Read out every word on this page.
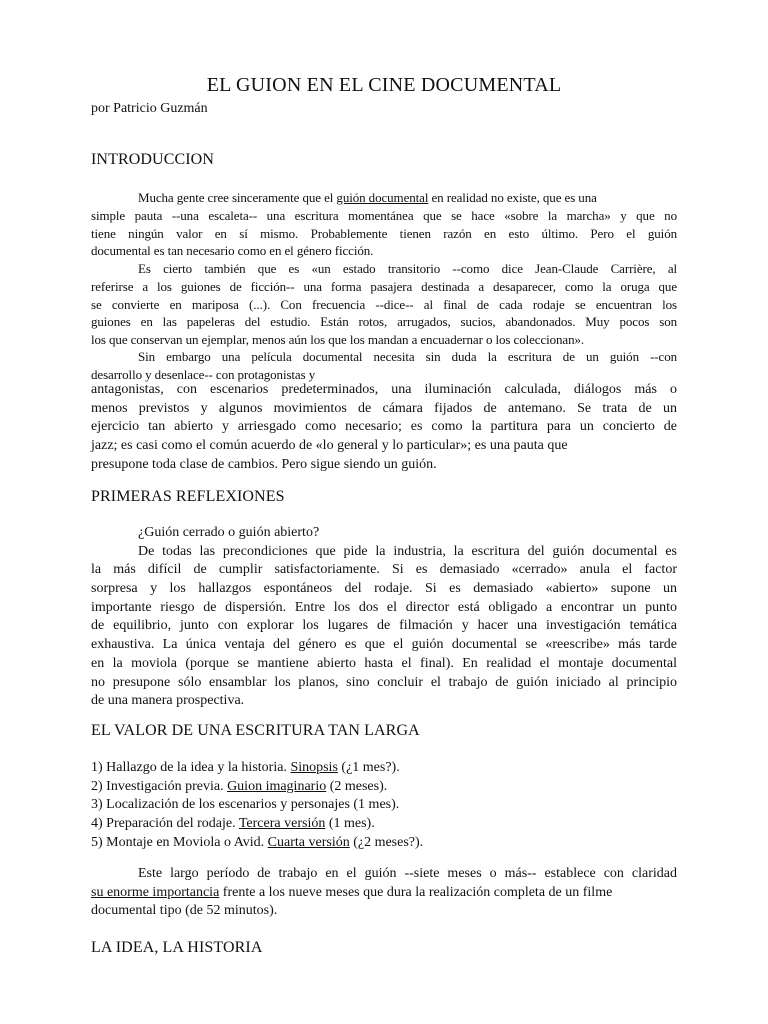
EL GUION EN EL CINE DOCUMENTAL
por Patricio Guzmán
INTRODUCCION
Mucha gente cree sinceramente que el guión documental en realidad no existe, que es una
simple pauta --una escaleta-- una escritura momentánea que se hace «sobre la marcha» y que no
tiene ningún valor en sí mismo. Probablemente tienen razón en esto último. Pero el guión
documental es tan necesario como en el género ficción.
Es cierto también que es «un estado transitorio --como dice Jean-Claude Carrière, al
referirse a los guiones de ficción-- una forma pasajera destinada a desaparecer, como la oruga que
se convierte en mariposa (...). Con frecuencia --dice-- al final de cada rodaje se encuentran los
guiones en las papeleras del estudio. Están rotos, arrugados, sucios, abandonados. Muy pocos son
los que conservan un ejemplar, menos aún los que los mandan a encuadernar o los coleccionan».
Sin embargo una película documental necesita sin duda la escritura de un guión --con
desarrollo y desenlace-- con protagonistas y
antagonistas, con escenarios predeterminados, una iluminación calculada, diálogos más o
menos previstos y algunos movimientos de cámara fijados de antemano. Se trata de un
ejercicio tan abierto y arriesgado como necesario; es como la partitura para un concierto de
jazz; es casi como el común acuerdo de «lo general y lo particular»; es una pauta que
presupone toda clase de cambios. Pero sigue siendo un guión.
PRIMERAS REFLEXIONES
¿Guión cerrado o guión abierto?
De todas las precondiciones que pide la industria, la escritura del guión documental es
la más difícil de cumplir satisfactoriamente. Si es demasiado «cerrado» anula el factor
sorpresa y los hallazgos espontáneos del rodaje. Si es demasiado «abierto» supone un
importante riesgo de dispersión. Entre los dos el director está obligado a encontrar un punto
de equilibrio, junto con explorar los lugares de filmación y hacer una investigación temática
exhaustiva. La única ventaja del género es que el guión documental se «reescribe» más tarde
en la moviola (porque se mantiene abierto hasta el final). En realidad el montaje documental
no presupone sólo ensamblar los planos, sino concluir el trabajo de guión iniciado al principio
de una manera prospectiva.
EL VALOR DE UNA ESCRITURA TAN LARGA
1) Hallazgo de la idea y la historia. Sinopsis (¿1 mes?).
2) Investigación previa. Guion imaginario (2 meses).
3) Localización de los escenarios y personajes (1 mes).
4) Preparación del rodaje. Tercera versión (1 mes).
5) Montaje en Moviola o Avid. Cuarta versión (¿2 meses?).
Este largo período de trabajo en el guión --siete meses o más-- establece con claridad
su enorme importancia frente a los nueve meses que dura la realización completa de un filme
documental tipo (de 52 minutos).
LA IDEA, LA HISTORIA
